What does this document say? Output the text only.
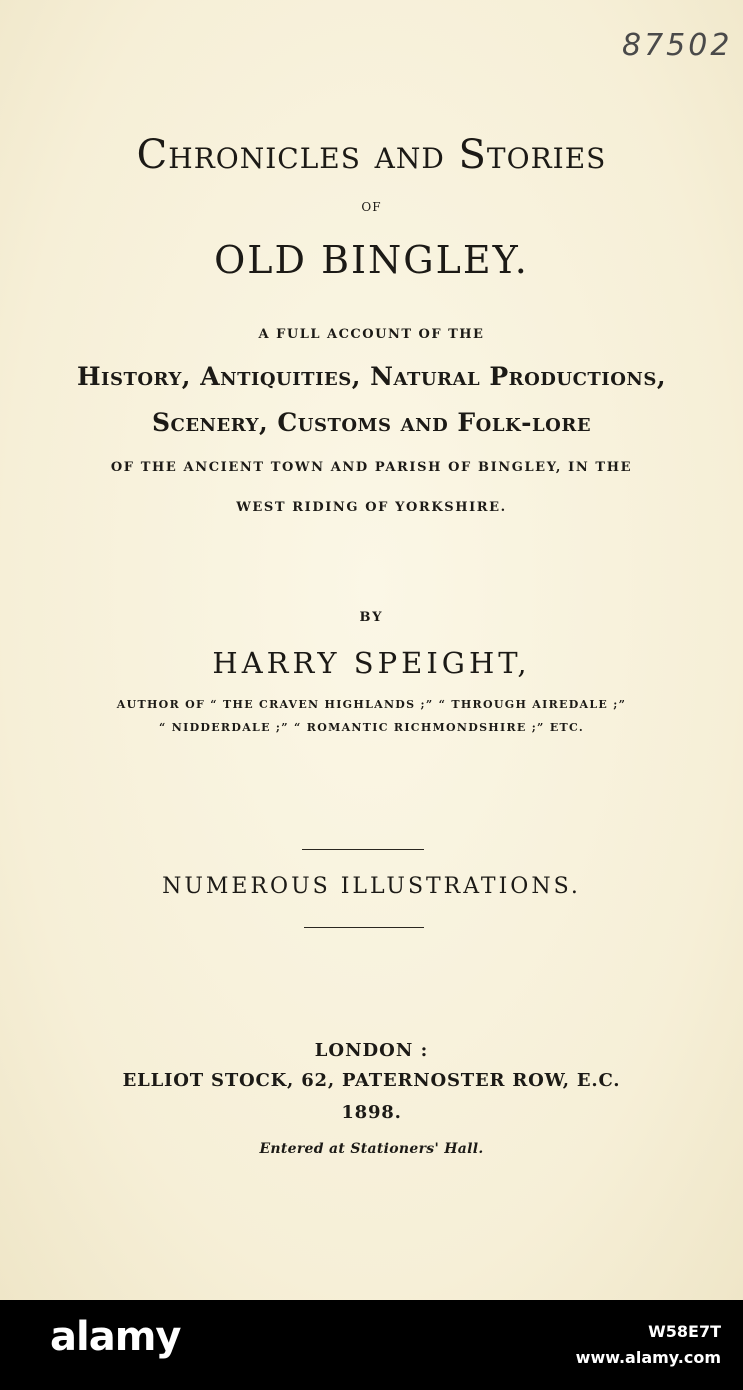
87502
Chronicles and Stories
OF
OLD BINGLEY.
A FULL ACCOUNT OF THE
History, Antiquities, Natural Productions,
Scenery, Customs and Folk-lore
OF THE ANCIENT TOWN AND PARISH OF BINGLEY, IN THE
WEST RIDING OF YORKSHIRE.
BY
HARRY SPEIGHT,
AUTHOR OF “ THE CRAVEN HIGHLANDS ;” “ THROUGH AIREDALE ;”
“ NIDDERDALE ;” “ ROMANTIC RICHMONDSHIRE ;” ETC.
NUMEROUS ILLUSTRATIONS.
LONDON :
ELLIOT STOCK, 62, PATERNOSTER ROW, E.C.
1898.
Entered at Stationers' Hall.
alamy	W58E7T
www.alamy.com
